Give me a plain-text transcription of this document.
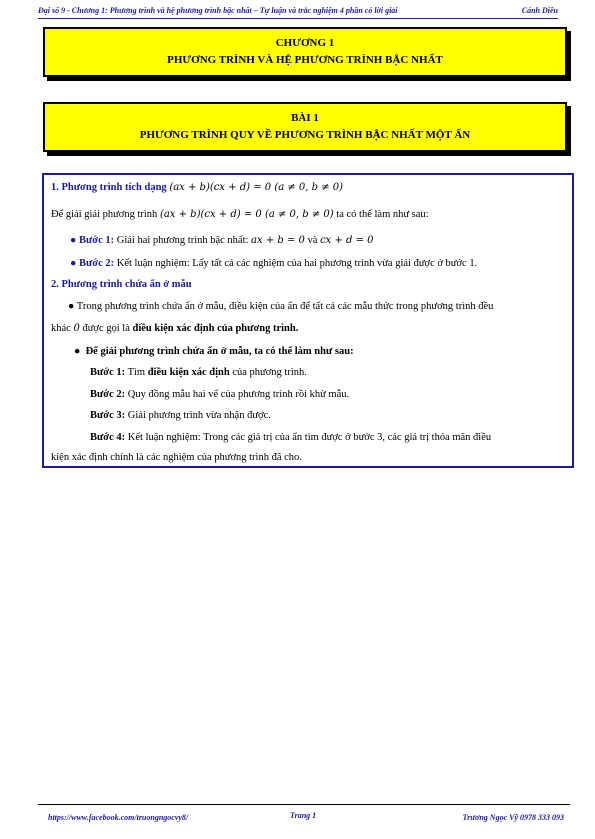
Đại số 9 - Chương 1: Phương trình và hệ phương trình bậc nhất – Tự luận và trắc nghiệm 4 phần có lời giải	Cánh Diều
CHƯƠNG 1
PHƯƠNG TRÌNH VÀ HỆ PHƯƠNG TRÌNH BẬC NHẤT
BÀI 1
PHƯƠNG TRÌNH QUY VỀ PHƯƠNG TRÌNH BẬC NHẤT MỘT ẨN
1. Phương trình tích dạng (ax + b)(cx + d) = 0 (a ≠ 0, b ≠ 0)
Để giải giải phương trình (ax + b)(cx + d) = 0 (a ≠ 0, b ≠ 0) ta có thể làm như sau:
● Bước 1: Giải hai phương trình bậc nhất: ax + b = 0 và cx + d = 0
● Bước 2: Kết luận nghiệm: Lấy tất cả các nghiệm của hai phương trình vừa giải được ở bước 1.
2. Phương trình chứa ẩn ở mẫu
● Trong phương trình chứa ẩn ở mẫu, điều kiện của ẩn để tất cả các mẫu thức trong phương trình đều
khác 0 được gọi là điều kiện xác định của phương trình.
● Để giải phương trình chứa ẩn ở mẫu, ta có thể làm như sau:
Bước 1: Tìm điều kiện xác định của phương trình.
Bước 2: Quy đồng mẫu hai vế của phương trình rồi khử mẫu.
Bước 3: Giải phương trình vừa nhận được.
Bước 4: Kết luận nghiệm: Trong các giá trị của ẩn tìm được ở bước 3, các giá trị thỏa mãn điều
kiện xác định chính là các nghiệm của phương trình đã cho.
https://www.facebook.com/truongngocvy8/	Trang 1	Trương Ngọc Vỹ 0978 333 093
